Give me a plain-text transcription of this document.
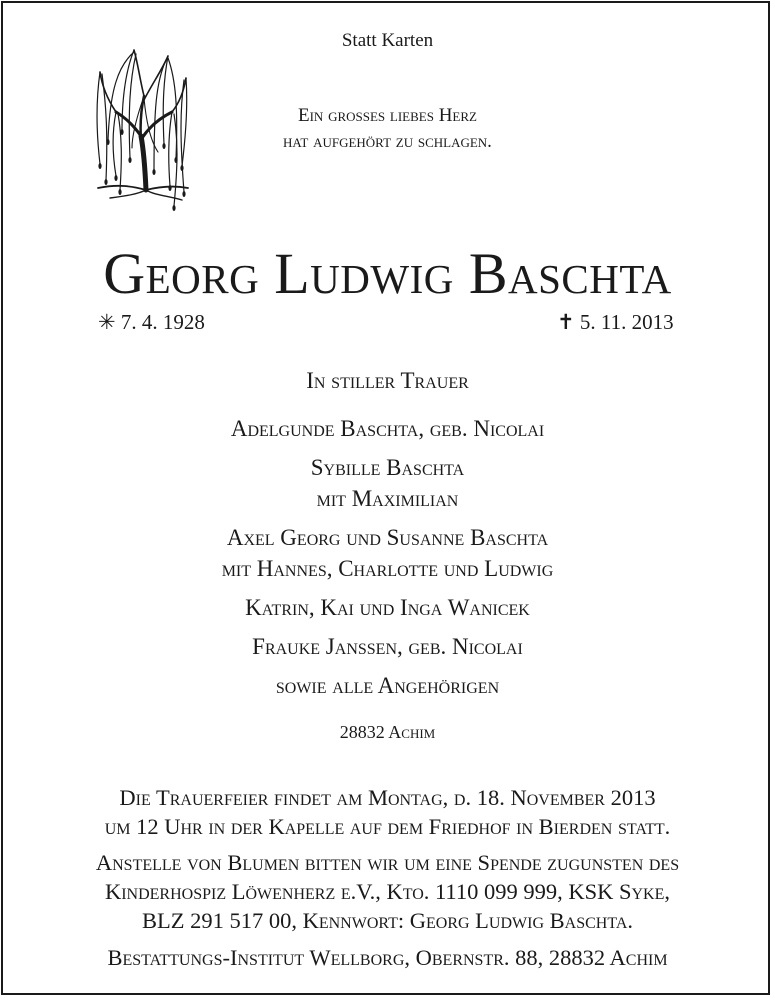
Statt Karten
Ein grosses liebes Herz
hat aufgehört zu schlagen.
Georg Ludwig Baschta
✳ 7. 4. 1928	✝ 5. 11. 2013
In stiller Trauer
Adelgunde Baschta, geb. Nicolai
Sybille Baschta
mit Maximilian
Axel Georg und Susanne Baschta
mit Hannes, Charlotte und Ludwig
Katrin, Kai und Inga Wanicek
Frauke Janssen, geb. Nicolai
sowie alle Angehörigen
28832 Achim
Die Trauerfeier findet am Montag, d. 18. November 2013
um 12 Uhr in der Kapelle auf dem Friedhof in Bierden statt.
Anstelle von Blumen bitten wir um eine Spende zugunsten des
Kinderhospiz Löwenherz e.V., Kto. 1110 099 999, KSK Syke,
BLZ 291 517 00, Kennwort: Georg Ludwig Baschta.
Bestattungs-Institut Wellborg, Obernstr. 88, 28832 Achim
